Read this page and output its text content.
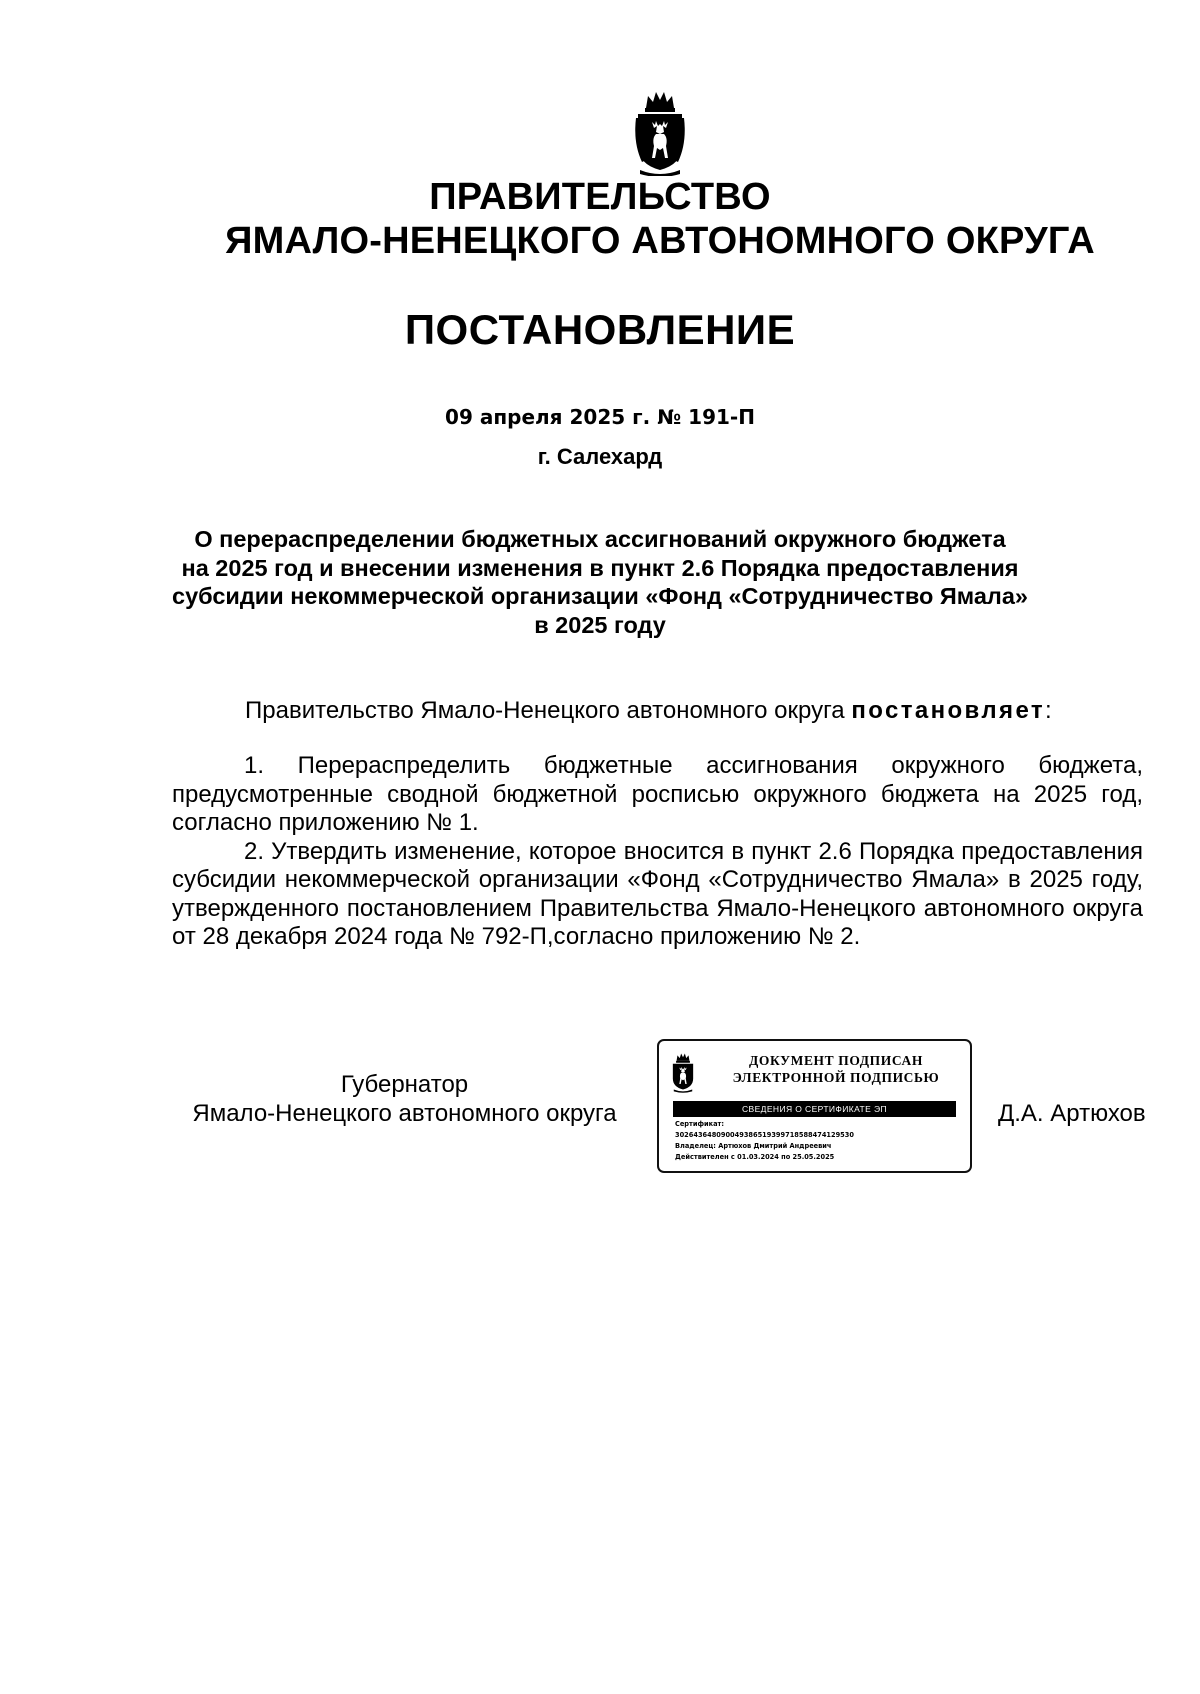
ПРАВИТЕЛЬСТВО
ЯМАЛО-НЕНЕЦКОГО АВТОНОМНОГО ОКРУГА
ПОСТАНОВЛЕНИЕ
09 апреля 2025 г. № 191-П
г. Салехард
О перераспределении бюджетных ассигнований окружного бюджета
на 2025 год и внесении изменения в пункт 2.6 Порядка предоставления
субсидии некоммерческой организации «Фонд «Сотрудничество Ямала»
в 2025 году
Правительство Ямало-Ненецкого автономного округа постановляет:

1. Перераспределить бюджетные ассигнования окружного бюджета, предусмотренные сводной бюджетной росписью окружного бюджета на 2025 год, согласно приложению № 1.

2. Утвердить изменение, которое вносится в пункт 2.6 Порядка предоставления субсидии некоммерческой организации «Фонд «Сотрудничество Ямала» в 2025 году, утвержденного постановлением Правительства Ямало-Ненецкого автономного округа от 28 декабря 2024 года № 792-П,согласно приложению № 2.

Губернатор
Ямало-Ненецкого автономного округа
ДОКУМЕНТ ПОДПИСАН
ЭЛЕКТРОННОЙ ПОДПИСЬЮ
СВЕДЕНИЯ О СЕРТИФИКАТЕ ЭП
Сертификат:
302643648090049386519399718588474129530
Владелец: Артюхов Дмитрий Андреевич
Действителен с 01.03.2024 по 25.05.2025
Д.А. Артюхов
